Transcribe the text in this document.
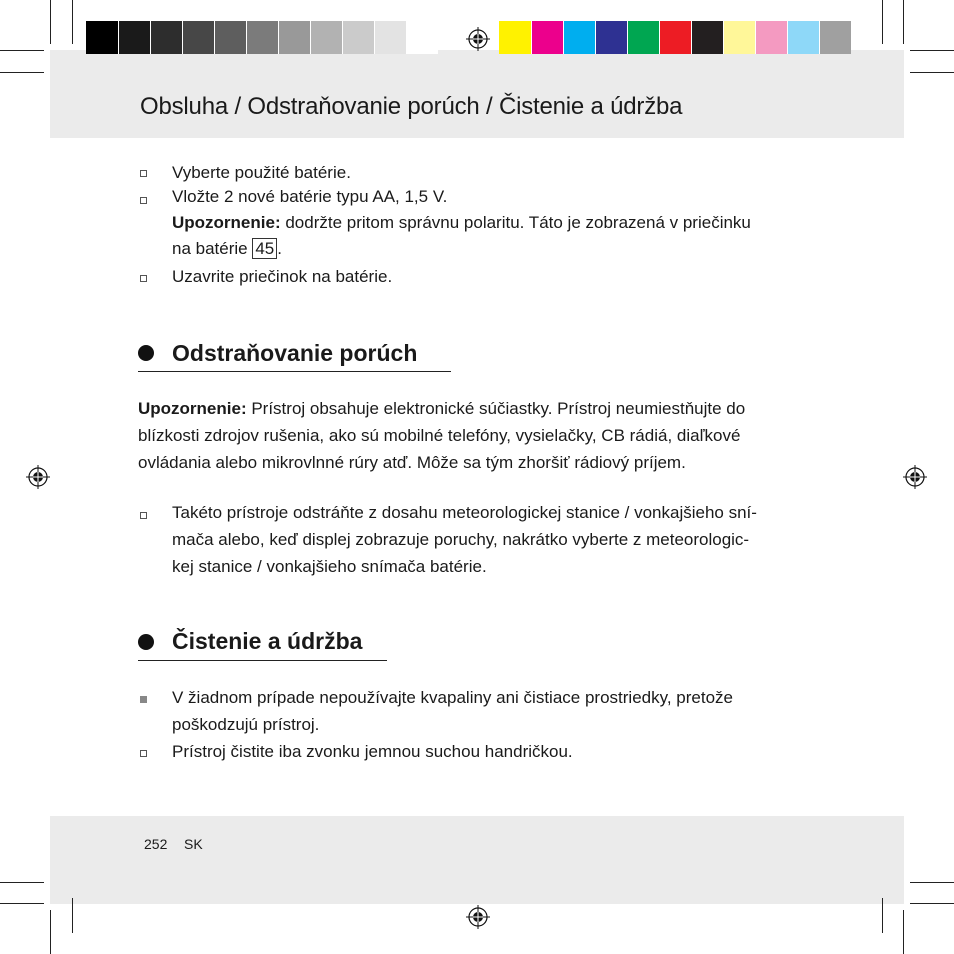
Obsluha / Odstraňovanie porúch / Čistenie a údržba
Vyberte použité batérie.
Vložte 2 nové batérie typu AA, 1,5 V.
Upozornenie: dodržte pritom správnu polaritu. Táto je zobrazená v priečinku
na batérie 45 .
Uzavrite priečinok na batérie.
Odstraňovanie porúch
Upozornenie: Prístroj obsahuje elektronické súčiastky. Prístroj neumiestňujte do
blízkosti zdrojov rušenia, ako sú mobilné telefóny, vysielačky, CB rádiá, diaľkové
ovládania alebo mikrovlnné rúry atď. Môže sa tým zhoršiť rádiový príjem.
Takéto prístroje odstráňte z dosahu meteorologickej stanice / vonkajšieho sní-
mača alebo, keď displej zobrazuje poruchy, nakrátko vyberte z meteorologic-
kej stanice / vonkajšieho snímača batérie.
Čistenie a údržba
V žiadnom prípade nepoužívajte kvapaliny ani čistiace prostriedky, pretože
poškodzujú prístroj.
Prístroj čistite iba zvonku jemnou suchou handričkou.
252 SK
